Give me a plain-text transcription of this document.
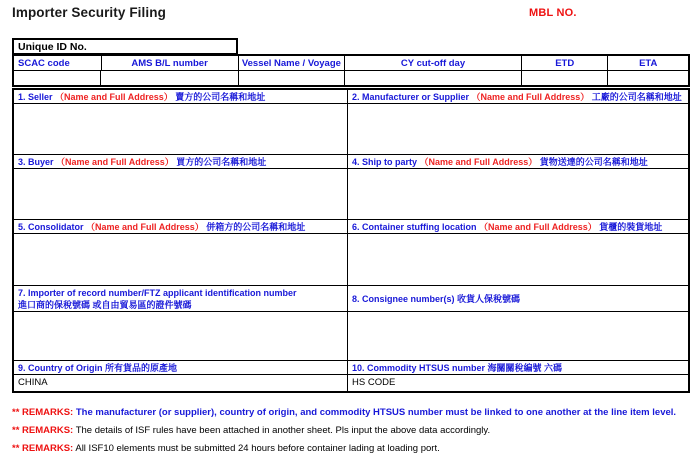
Importer Security Filing	MBL NO.
Unique ID No.
SCAC code	AMS B/L number	Vessel Name / Voyage	CY cut-off day	ETD	ETA
1. Seller （Name and Full Address） 賣方的公司名稱和地址	2. Manufacturer or Supplier （Name and Full Address） 工廠的公司名稱和地址
3. Buyer （Name and Full Address） 買方的公司名稱和地址	4. Ship to party （Name and Full Address） 貨物送達的公司名稱和地址
5. Consolidator （Name and Full Address） 併箱方的公司名稱和地址	6. Container stuffing location （Name and Full Address） 貨櫃的裝貨地址
7. Importer of record number/FTZ applicant identification number
進口商的保稅號碼 或自由貿易區的證件號碼
8. Consignee number(s) 收貨人保稅號碼
9. Country of Origin 所有貨品的原產地
CHINA
10. Commodity HTSUS number 海關關稅編號 六碼
HS CODE
** REMARKS: The manufacturer (or supplier), country of origin, and commodity HTSUS number must be linked to one another at the line item level.
** REMARKS: The details of ISF rules have been attached in another sheet. Pls input the above data accordingly.
** REMARKS: All ISF10 elements must be submitted 24 hours before container lading at loading port.
